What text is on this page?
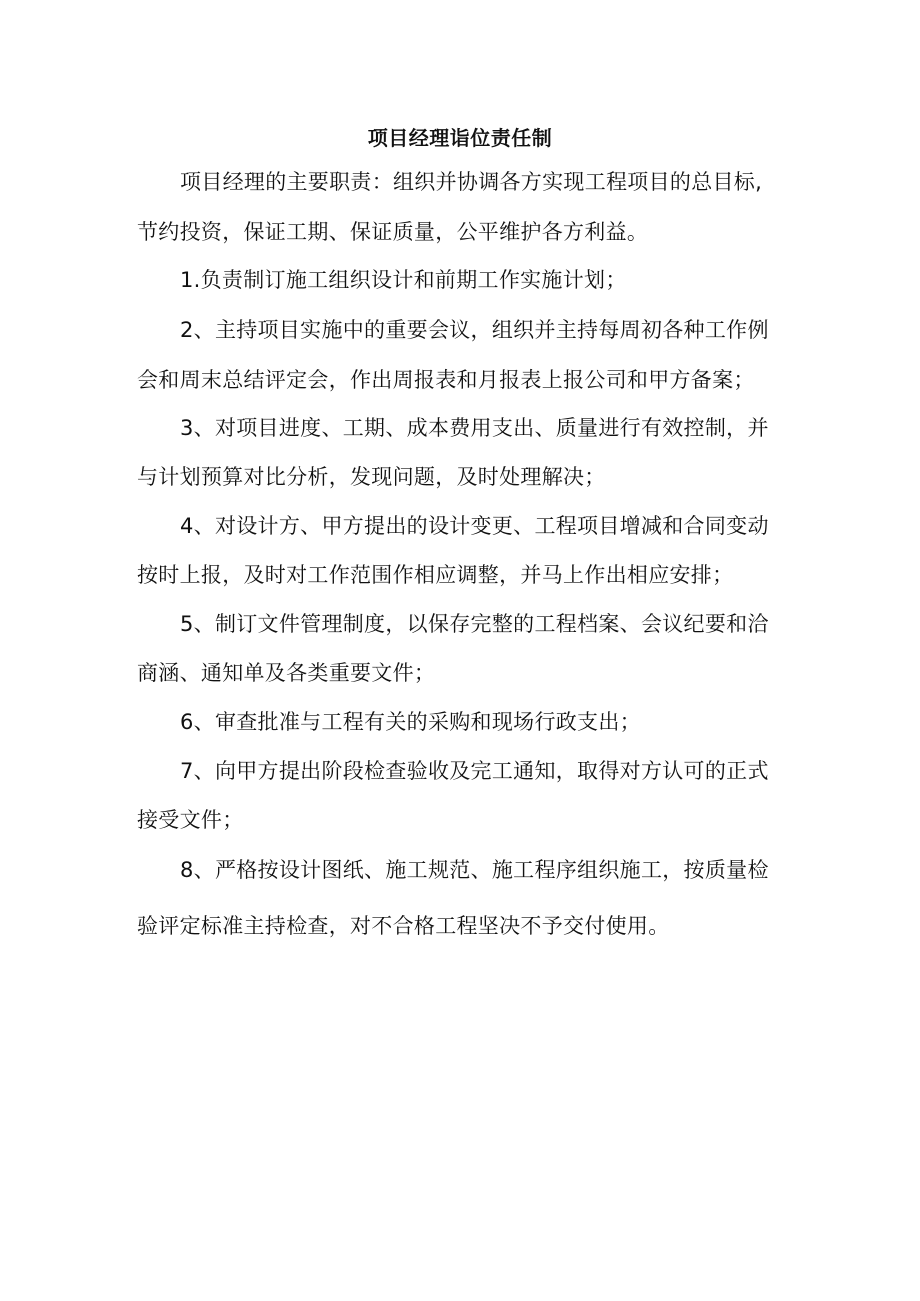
项目经理诣位责任制
项目经理的主要职责：组织并协调各方实现工程项目的总目标,
节约投资，保证工期、保证质量，公平维护各方利益。
1.负责制订施工组织设计和前期工作实施计划；
2、主持项目实施中的重要会议，组织并主持每周初各种工作例
会和周末总结评定会，作出周报表和月报表上报公司和甲方备案；
3、对项目进度、工期、成本费用支出、质量进行有效控制，并
与计划预算对比分析，发现问题，及时处理解决；
4、对设计方、甲方提出的设计变更、工程项目增减和合同变动
按时上报，及时对工作范围作相应调整，并马上作出相应安排；
5、制订文件管理制度，以保存完整的工程档案、会议纪要和洽
商涵、通知单及各类重要文件；
6、审查批准与工程有关的采购和现场行政支出；
7、向甲方提出阶段检查验收及完工通知，取得对方认可的正式
接受文件；
8、严格按设计图纸、施工规范、施工程序组织施工，按质量检
验评定标准主持检查，对不合格工程坚决不予交付使用。
